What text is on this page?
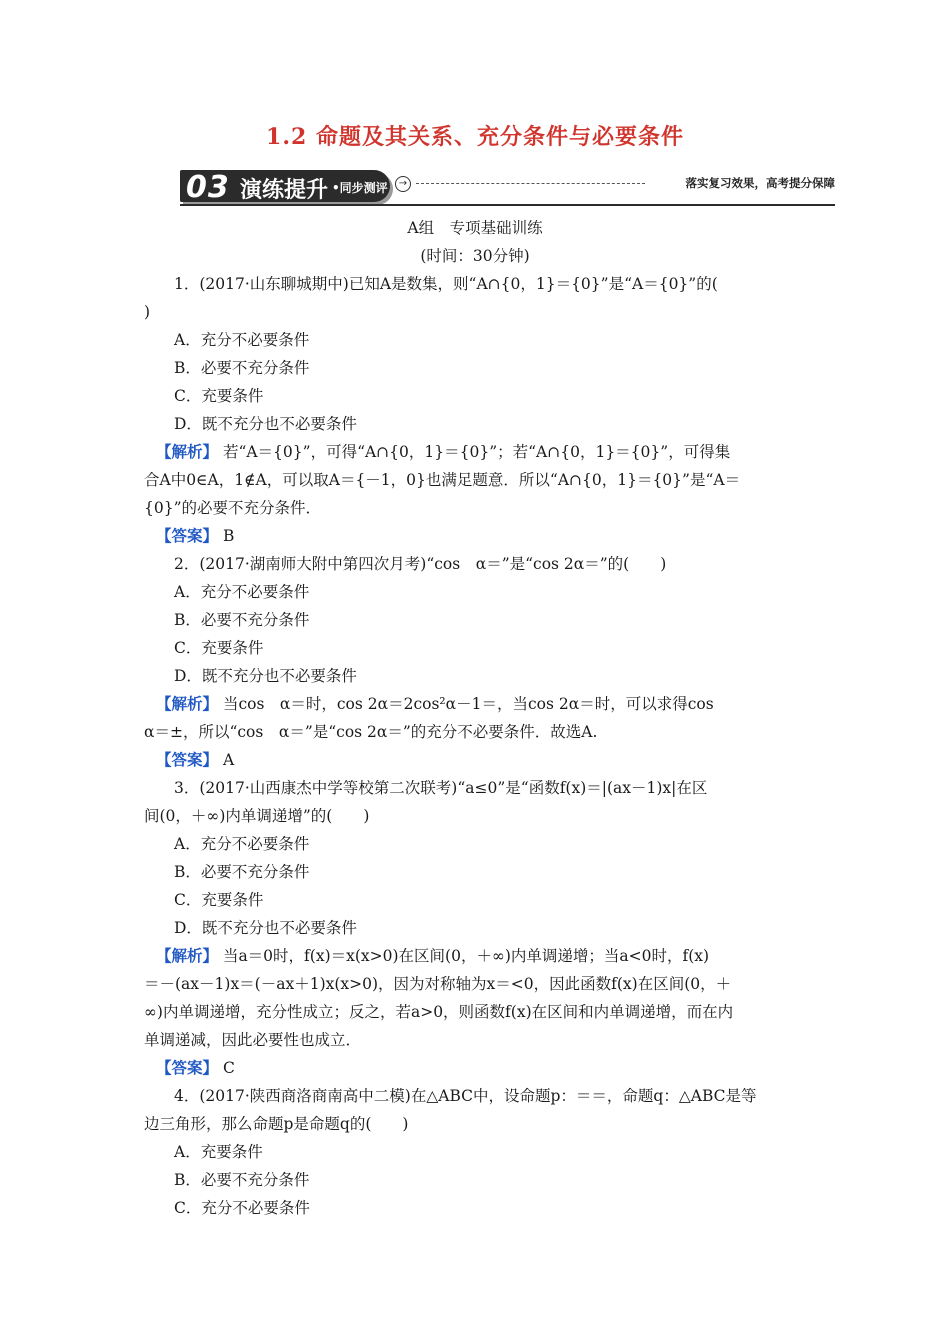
1.2 命题及其关系、充分条件与必要条件
03 演练提升 •同步测评	→	落实复习效果，高考提分保障

A组　专项基础训练

(时间：30分钟)

1．(2017·山东聊城期中)已知A是数集，则“A∩{0，1}＝{0}”是“A＝{0}”的(

)

A．充分不必要条件

B．必要不充分条件

C．充要条件

D．既不充分也不必要条件

【解析】 若“A＝{0}”，可得“A∩{0，1}＝{0}”；若“A∩{0，1}＝{0}”，可得集

合A中0∈A，1∉A，可以取A＝{－1，0}也满足题意．所以“A∩{0，1}＝{0}”是“A＝

{0}”的必要不充分条件．

【答案】 B

2．(2017·湖南师大附中第四次月考)“cos　α＝”是“cos 2α＝”的(　　)

A．充分不必要条件

B．必要不充分条件

C．充要条件

D．既不充分也不必要条件

【解析】 当cos　α＝时，cos 2α＝2cos²α－1＝，当cos 2α＝时，可以求得cos

α＝±，所以“cos　α＝”是“cos 2α＝”的充分不必要条件．故选A.

【答案】 A

3．(2017·山西康杰中学等校第二次联考)“a≤0”是“函数f(x)＝|(ax－1)x|在区

间(0，＋∞)内单调递增”的(　　)

A．充分不必要条件

B．必要不充分条件

C．充要条件

D．既不充分也不必要条件

【解析】 当a＝0时，f(x)＝x(x>0)在区间(0，＋∞)内单调递增；当a<0时，f(x)

＝－(ax－1)x＝(－ax＋1)x(x>0)，因为对称轴为x＝<0，因此函数f(x)在区间(0，＋

∞)内单调递增，充分性成立；反之，若a>0，则函数f(x)在区间和内单调递增，而在内

单调递减，因此必要性也成立．

【答案】 C

4．(2017·陕西商洛商南高中二模)在△ABC中，设命题p：＝＝，命题q：△ABC是等

边三角形，那么命题p是命题q的(　　)

A．充要条件

B．必要不充分条件

C．充分不必要条件
